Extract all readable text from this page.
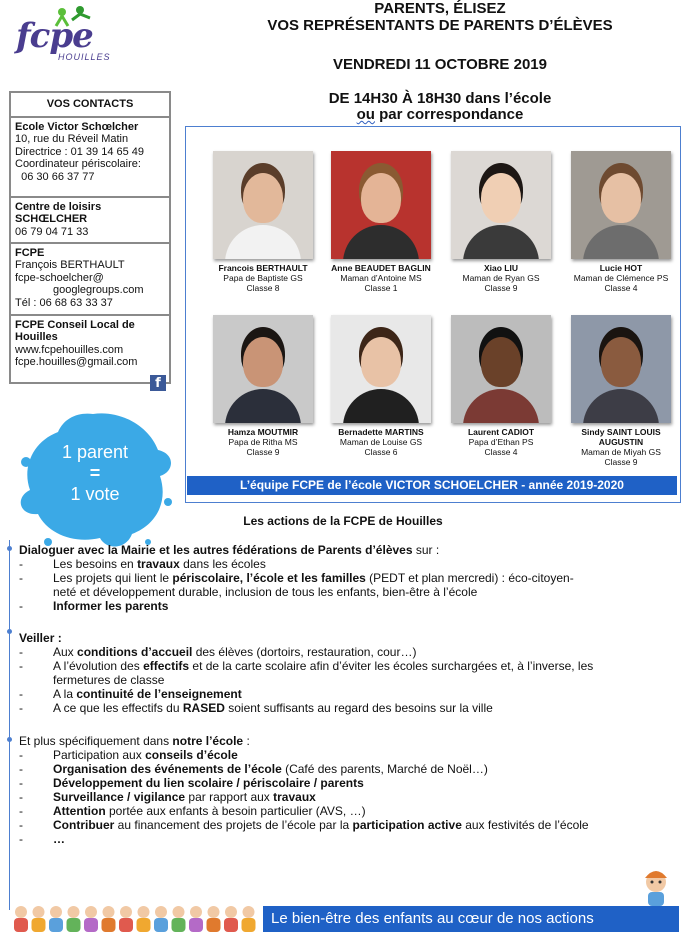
fcpe
HOUILLES
PARENTS, ÉLISEZ
VOS REPRÉSENTANTS DE PARENTS D’ÉLÈVES
VENDREDI 11 OCTOBRE 2019
DE 14H30 À 18H30 dans l’école
ou par correspondance
VOS CONTACTS
Ecole Victor Schœlcher
10, rue du Réveil Matin
Directrice : 01 39 14 65 49
Coordinateur périscolaire:
06 30 66 37 77
Centre de loisirs
SCHŒLCHER
06 79 04 71 33
FCPE
François BERTHAULT
fcpe-schoelcher@
googlegroups.com
Tél : 06 68 63 33 37
FCPE Conseil Local de
Houilles
www.fcpehouilles.com
fcpe.houilles@gmail.com
f
1 parent
=
1 vote
Francois BERTHAULT
Papa de Baptiste GS
Classe 8
Anne BEAUDET BAGLIN
Maman d’Antoine MS
Classe 1
Xiao LIU
Maman de Ryan GS
Classe 9
Lucie HOT
Maman de Clémence PS
Classe 4
Hamza MOUTMIR
Papa de Ritha MS
Classe 9
Bernadette MARTINS
Maman de Louise GS
Classe 6
Laurent CADIOT
Papa d’Ethan PS
Classe 4
Sindy SAINT LOUIS
AUGUSTIN
Maman de Miyah GS
Classe 9
L’équipe FCPE de l’école VICTOR SCHOELCHER - année 2019-2020
Les actions de la FCPE de Houilles
Dialoguer avec la Mairie et les autres fédérations de Parents d’élèves sur :
- Les besoins en travaux dans les écoles
- Les projets qui lient le périscolaire, l’école et les familles (PEDT et plan mercredi) : éco-citoyen-
neté et développement durable, inclusion de tous les enfants, bien-être à l’école
- Informer les parents
Veiller :
- Aux conditions d’accueil des élèves (dortoirs, restauration, cour…)
- A l’évolution des effectifs et de la carte scolaire afin d’éviter les écoles surchargées et, à l’inverse, les
fermetures de classe
- A la continuité de l’enseignement
- A ce que les effectifs du RASED soient suffisants au regard des besoins sur la ville
Et plus spécifiquement dans notre l’école :
- Participation aux conseils d’école
- Organisation des événements de l’école (Café des parents, Marché de Noël…)
- Développement du lien scolaire / périscolaire / parents
- Surveillance / vigilance par rapport aux travaux
- Attention portée aux enfants à besoin particulier (AVS, …)
- Contribuer au financement des projets de l’école par la participation active aux festivités de l’école
- …
Le bien-être des enfants au cœur de nos actions
